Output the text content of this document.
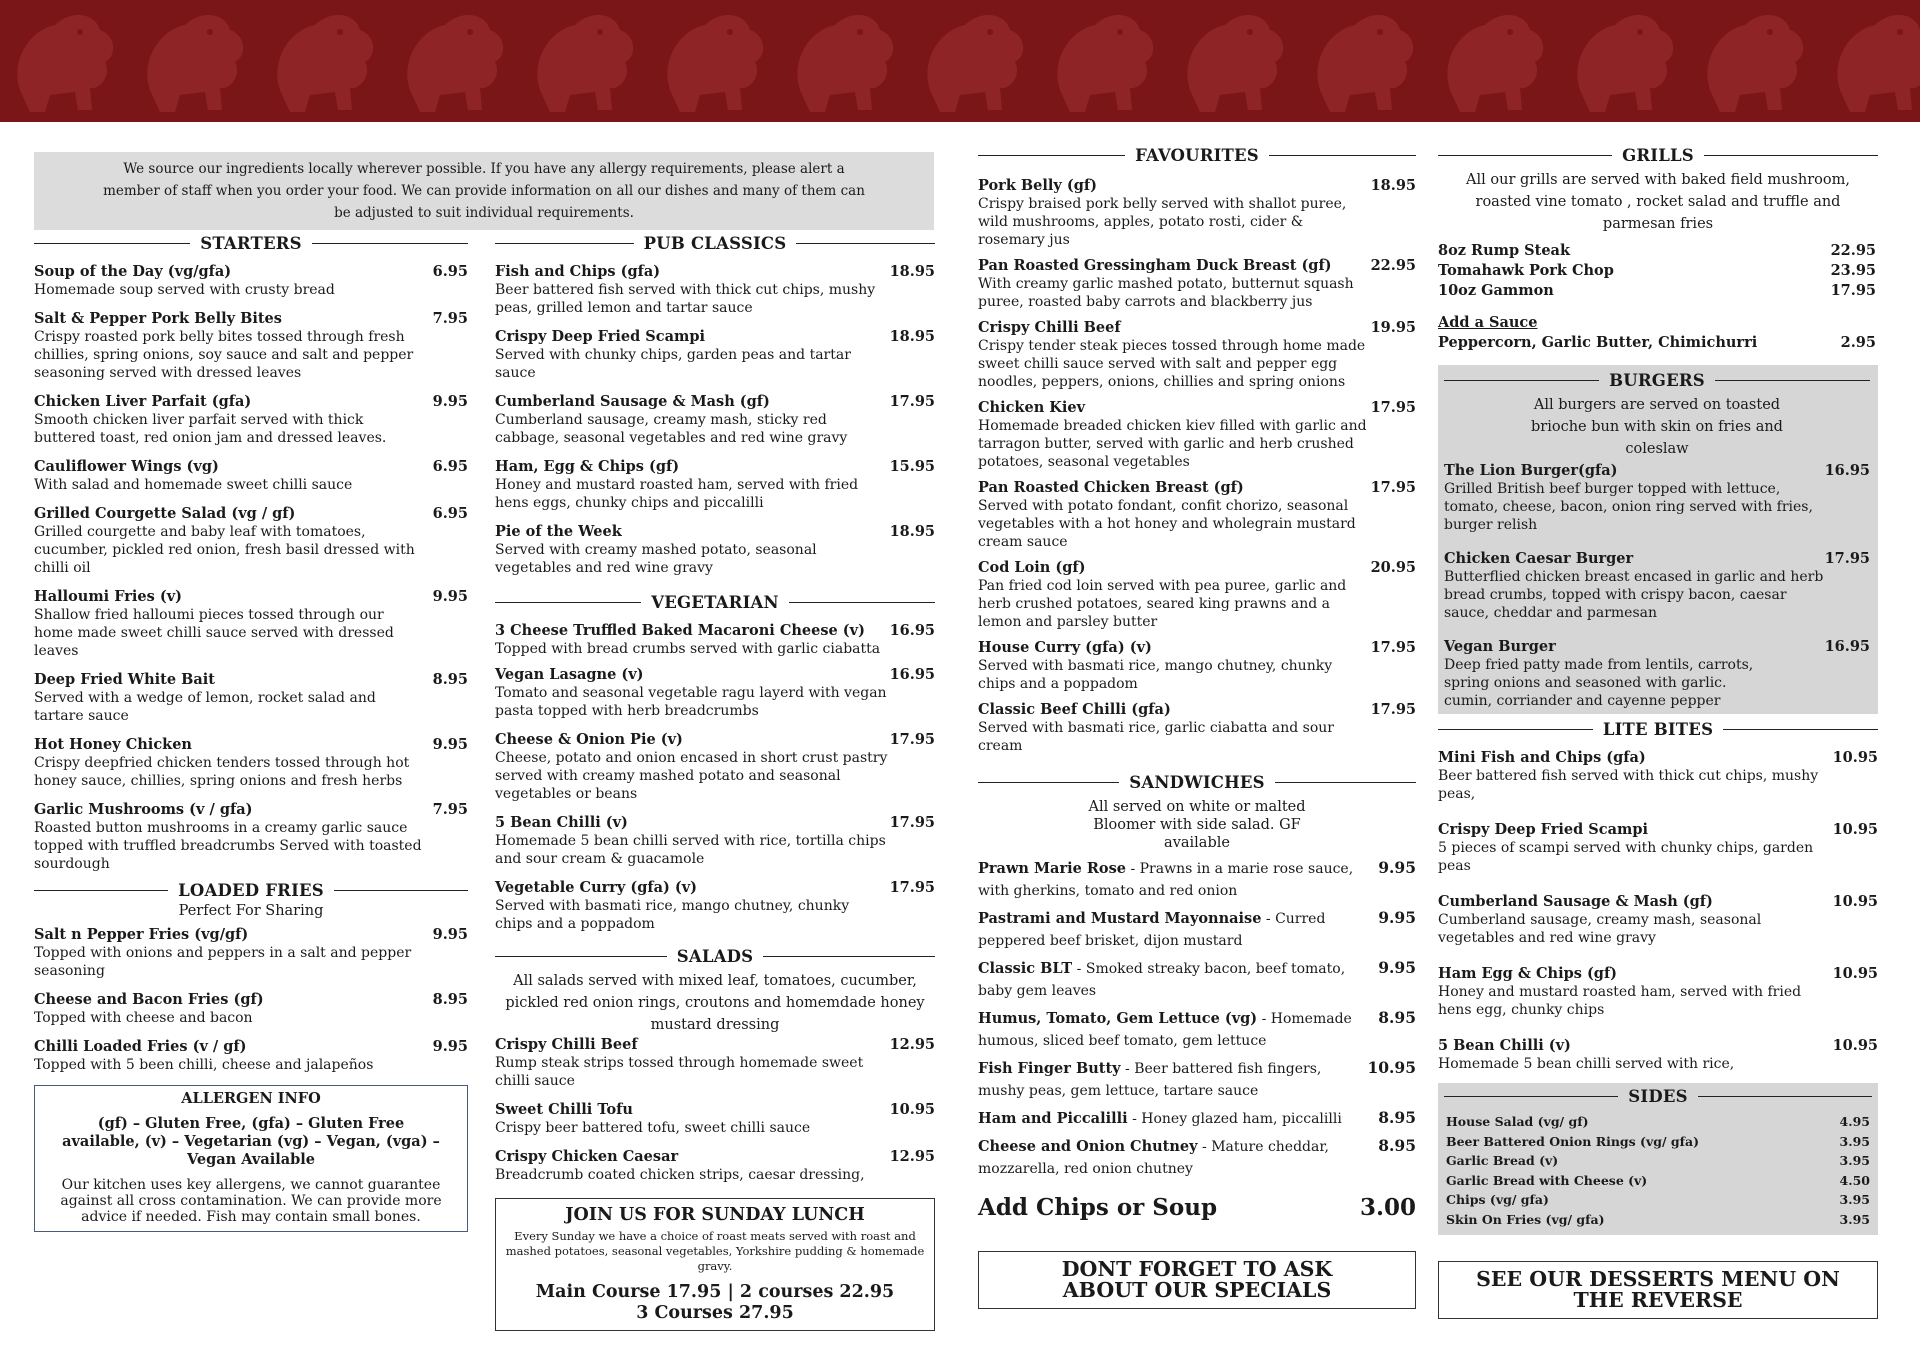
We source our ingredients locally wherever possible. If you have any allergy requirements, please alert a member of staff when you order your food. We can provide information on all our dishes and many of them can be adjusted to suit individual requirements.
STARTERS
Soup of the Day (vg/gfa)	6.95
Homemade soup served with crusty bread
Salt & Pepper Pork Belly Bites	7.95
Crispy roasted pork belly bites tossed through fresh chillies, spring onions, soy sauce and salt and pepper seasoning served with dressed leaves
Chicken Liver Parfait (gfa)	9.95
Smooth chicken liver parfait served with thick buttered toast, red onion jam and dressed leaves.
Cauliflower Wings (vg)	6.95
With salad and homemade sweet chilli sauce
Grilled Courgette Salad (vg / gf)	6.95
Grilled courgette and baby leaf with tomatoes, cucumber, pickled red onion, fresh basil dressed with chilli oil
Halloumi Fries (v)	9.95
Shallow fried halloumi pieces tossed through our home made sweet chilli sauce served with dressed leaves
Deep Fried White Bait	8.95
Served with a wedge of lemon, rocket salad and tartare sauce
Hot Honey Chicken	9.95
Crispy deepfried chicken tenders tossed through hot honey sauce, chillies, spring onions and fresh herbs
Garlic Mushrooms (v / gfa)	7.95
Roasted button mushrooms in a creamy garlic sauce topped with truffled breadcrumbs Served with toasted sourdough
LOADED FRIES
Perfect For Sharing
Salt n Pepper Fries (vg/gf)	9.95
Topped with onions and peppers in a salt and pepper seasoning
Cheese and Bacon Fries (gf)	8.95
Topped with cheese and bacon
Chilli Loaded Fries (v / gf)	9.95
Topped with 5 been chilli, cheese and jalapeños
ALLERGEN INFO
(gf) – Gluten Free, (gfa) – Gluten Free available, (v) – Vegetarian (vg) – Vegan, (vga) – Vegan Available
Our kitchen uses key allergens, we cannot guarantee against all cross contamination. We can provide more advice if needed. Fish may contain small bones.
PUB CLASSICS
Fish and Chips (gfa)	18.95
Beer battered fish served with thick cut chips, mushy peas, grilled lemon and tartar sauce
Crispy Deep Fried Scampi	18.95
Served with chunky chips, garden peas and tartar sauce
Cumberland Sausage & Mash (gf)	17.95
Cumberland sausage, creamy mash, sticky red cabbage, seasonal vegetables and red wine gravy
Ham, Egg & Chips (gf)	15.95
Honey and mustard roasted ham, served with fried hens eggs, chunky chips and piccalilli
Pie of the Week	18.95
Served with creamy mashed potato, seasonal vegetables and red wine gravy
VEGETARIAN
3 Cheese Truffled Baked Macaroni Cheese (v) 16.95
Topped with bread crumbs served with garlic ciabatta
Vegan Lasagne (v)	16.95
Tomato and seasonal vegetable ragu layerd with vegan pasta topped with herb breadcrumbs
Cheese & Onion Pie (v)	17.95
Cheese, potato and onion encased in short crust pastry served with creamy mashed potato and seasonal vegetables or beans
5 Bean Chilli (v)	17.95
Homemade 5 bean chilli served with rice, tortilla chips and sour cream & guacamole
Vegetable Curry (gfa) (v)	17.95
Served with basmati rice, mango chutney, chunky chips and a poppadom
SALADS
All salads served with mixed leaf, tomatoes, cucumber, pickled red onion rings, croutons and homemdade honey mustard dressing
Crispy Chilli Beef	12.95
Rump steak strips tossed through homemade sweet chilli sauce
Sweet Chilli Tofu	10.95
Crispy beer battered tofu, sweet chilli sauce
Crispy Chicken Caesar	12.95
Breadcrumb coated chicken strips, caesar dressing,
JOIN US FOR SUNDAY LUNCH
Every Sunday we have a choice of roast meats served with roast and mashed potatoes, seasonal vegetables, Yorkshire pudding & homemade gravy.
Main Course 17.95 | 2 courses 22.95
3 Courses 27.95
FAVOURITES
Pork Belly (gf)	18.95
Crispy braised pork belly served with shallot puree, wild mushrooms, apples, potato rosti, cider & rosemary jus
Pan Roasted Gressingham Duck Breast (gf)	22.95
With creamy garlic mashed potato, butternut squash puree, roasted baby carrots and blackberry jus
Crispy Chilli Beef	19.95
Crispy tender steak pieces tossed through home made sweet chilli sauce served with salt and pepper egg noodles, peppers, onions, chillies and spring onions
Chicken Kiev	17.95
Homemade breaded chicken kiev filled with garlic and tarragon butter, served with garlic and herb crushed potatoes, seasonal vegetables
Pan Roasted Chicken Breast (gf)	17.95
Served with potato fondant, confit chorizo, seasonal vegetables with a hot honey and wholegrain mustard cream sauce
Cod Loin (gf)	20.95
Pan fried cod loin served with pea puree, garlic and herb crushed potatoes, seared king prawns and a lemon and parsley butter
House Curry (gfa) (v)	17.95
Served with basmati rice, mango chutney, chunky chips and a poppadom
Classic Beef Chilli (gfa)	17.95
Served with basmati rice, garlic ciabatta and sour cream
SANDWICHES
All served on white or malted Bloomer with side salad. GF available
Prawn Marie Rose - Prawns in a marie rose sauce, with gherkins, tomato and red onion
9.95
Pastrami and Mustard Mayonnaise - Curred peppered beef brisket, dijon mustard
9.95
Classic BLT - Smoked streaky bacon, beef tomato, baby gem leaves
9.95
Humus, Tomato, Gem Lettuce (vg) - Homemade humous, sliced beef tomato, gem lettuce
8.95
Fish Finger Butty - Beer battered fish fingers, mushy peas, gem lettuce, tartare sauce
10.95
Ham and Piccalilli - Honey glazed ham, piccalilli	8.95
Cheese and Onion Chutney - Mature cheddar, mozzarella, red onion chutney
8.95
Add Chips or Soup	3.00
DONT FORGET TO ASK ABOUT OUR SPECIALS
GRILLS
All our grills are served with baked field mushroom, roasted vine tomato , rocket salad and truffle and parmesan fries
8oz Rump Steak	22.95
Tomahawk Pork Chop	23.95
10oz Gammon	17.95
Add a Sauce
Peppercorn, Garlic Butter, Chimichurri	2.95
BURGERS
All burgers are served on toasted brioche bun with skin on fries and coleslaw
The Lion Burger(gfa)	16.95
Grilled British beef burger topped with lettuce, tomato, cheese, bacon, onion ring served with fries, burger relish
Chicken Caesar Burger	17.95
Butterflied chicken breast encased in garlic and herb bread crumbs, topped with crispy bacon, caesar sauce, cheddar and parmesan
Vegan Burger	16.95
Deep fried patty made from lentils, carrots, spring onions and seasoned with garlic. cumin, corriander and cayenne pepper
LITE BITES
Mini Fish and Chips (gfa)	10.95
Beer battered fish served with thick cut chips, mushy peas,
Crispy Deep Fried Scampi	10.95
5 pieces of scampi served with chunky chips, garden peas
Cumberland Sausage & Mash (gf)	10.95
Cumberland sausage, creamy mash, seasonal vegetables and red wine gravy
Ham Egg & Chips (gf)	10.95
Honey and mustard roasted ham, served with fried hens egg, chunky chips
5 Bean Chilli (v)	10.95
Homemade 5 bean chilli served with rice,
SIDES
House Salad (vg/ gf)	4.95
Beer Battered Onion Rings (vg/ gfa)	3.95
Garlic Bread (v)	3.95
Garlic Bread with Cheese (v)	4.50
Chips (vg/ gfa)	3.95
Skin On Fries (vg/ gfa)	3.95
SEE OUR DESSERTS MENU ON THE REVERSE
